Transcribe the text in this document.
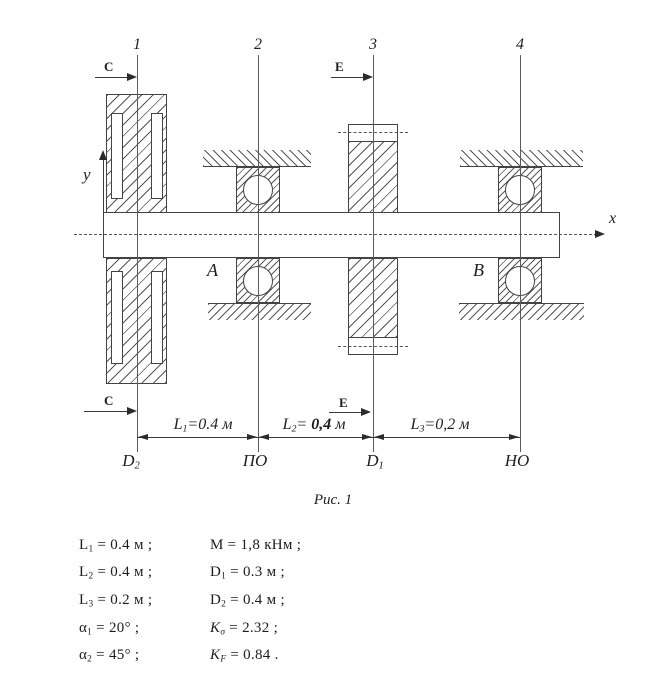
1	2	3	4
x
y
C	E
C	E
A	B
$L_1=0.4$ м	$L_2= 0,4$ м	$L_3=0,2$ м
$D_2$	ПО	$D_1$	НО
Рис. 1
$L_1 = 0.4$ м ;	M = 1,8 кНм ;
$L_2 = 0.4$ м ;	$D_1 = 0.3$ м ;
$L_3 = 0.2$ м ;	$D_2 = 0.4$ м ;
$\alpha_1 = 20^\circ$ ;	$K_\sigma = 2.32$ ;
$\alpha_2 = 45^\circ$ ;	$K_F = 0.84$ .
